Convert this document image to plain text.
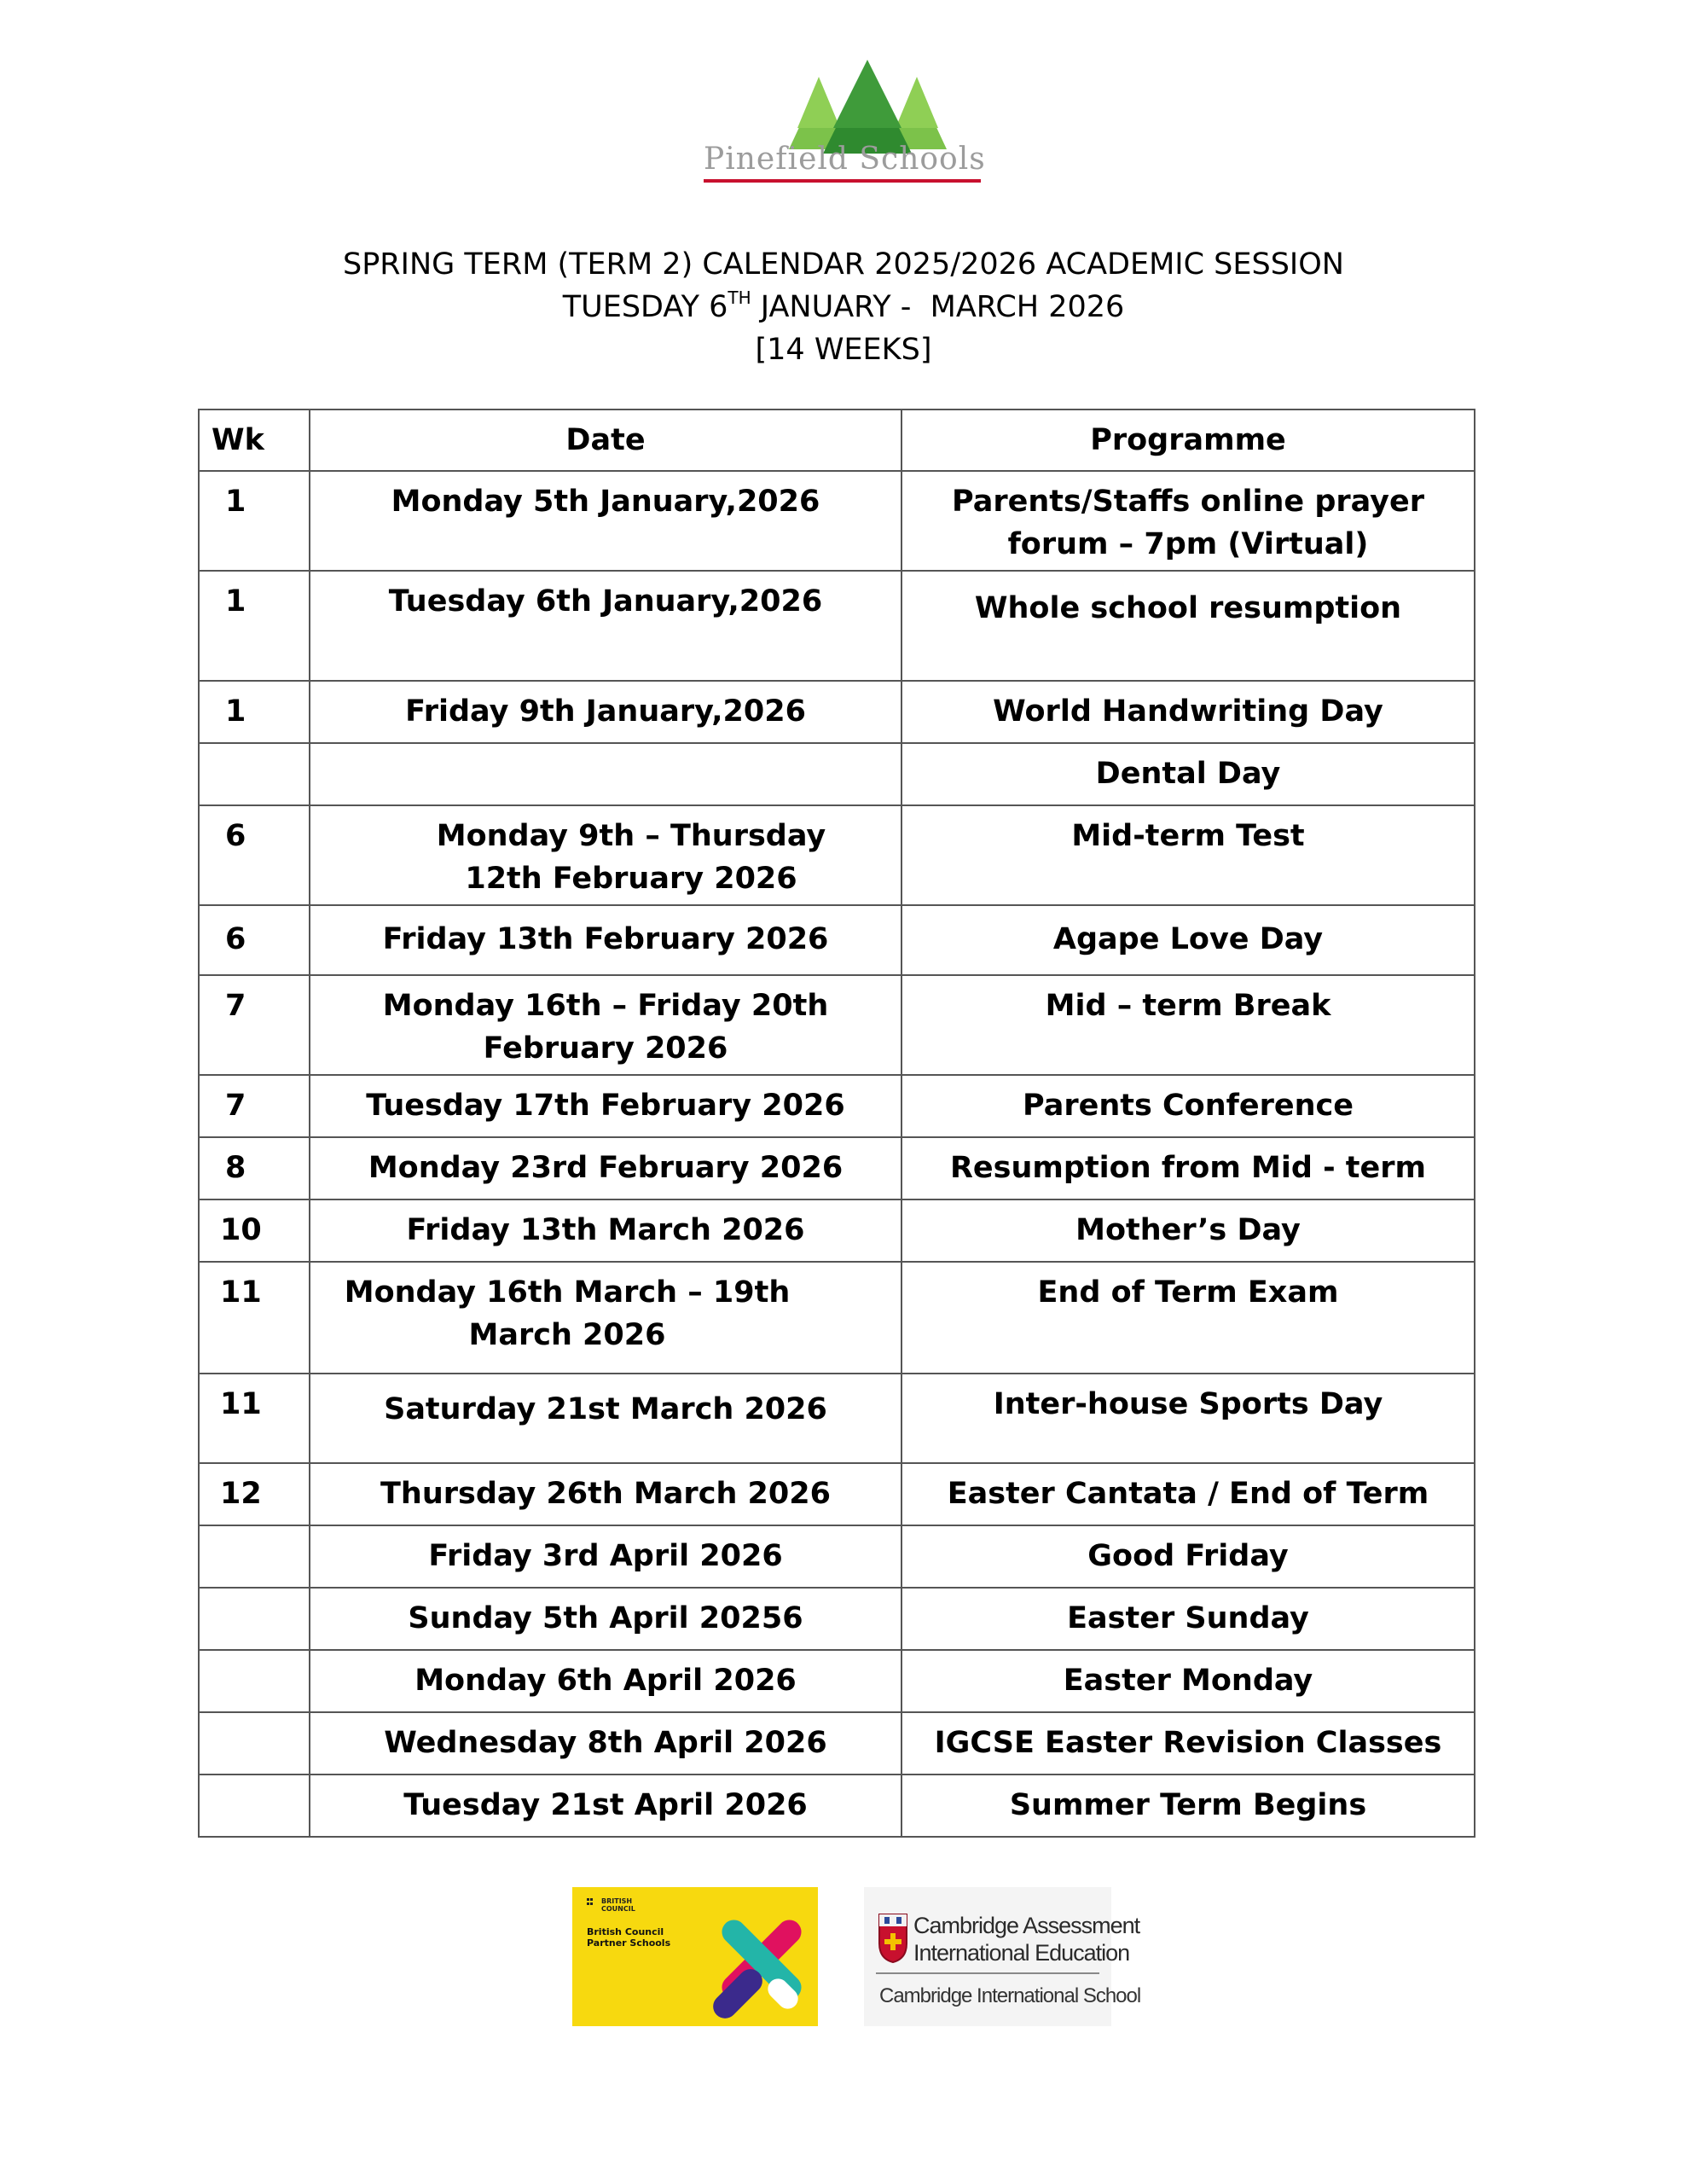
Pinefield Schools
SPRING TERM (TERM 2) CALENDAR 2025/2026 ACADEMIC SESSION
TUESDAY 6TH JANUARY -  MARCH 2026
[14 WEEKS]
Wk	Date	Programme
1	Monday 5th January,2026	Parents/Staffs online prayer forum – 7pm (Virtual)
1	Tuesday 6th January,2026	Whole school resumption
1	Friday 9th January,2026	World Handwriting Day
		Dental Day
6	Monday 9th – Thursday 12th February 2026	Mid-term Test
6	Friday 13th February 2026	Agape Love Day
7	Monday 16th – Friday 20th February 2026	Mid – term Break
7	Tuesday 17th February 2026	Parents Conference
8	Monday 23rd February 2026	Resumption from Mid - term
10	Friday 13th March 2026	Mother’s Day
11	Monday 16th March – 19th March 2026	End of Term Exam
11	Saturday 21st March 2026	Inter-house Sports Day
12	Thursday 26th March 2026	Easter Cantata / End of Term
	Friday 3rd April 2026	Good Friday
	Sunday 5th April 20256	Easter Sunday
	Monday 6th April 2026	Easter Monday
	Wednesday 8th April 2026	IGCSE Easter Revision Classes
	Tuesday 21st April 2026	Summer Term Begins
BRITISH COUNCIL
British Council Partner Schools
Cambridge Assessment
International Education
Cambridge International School
